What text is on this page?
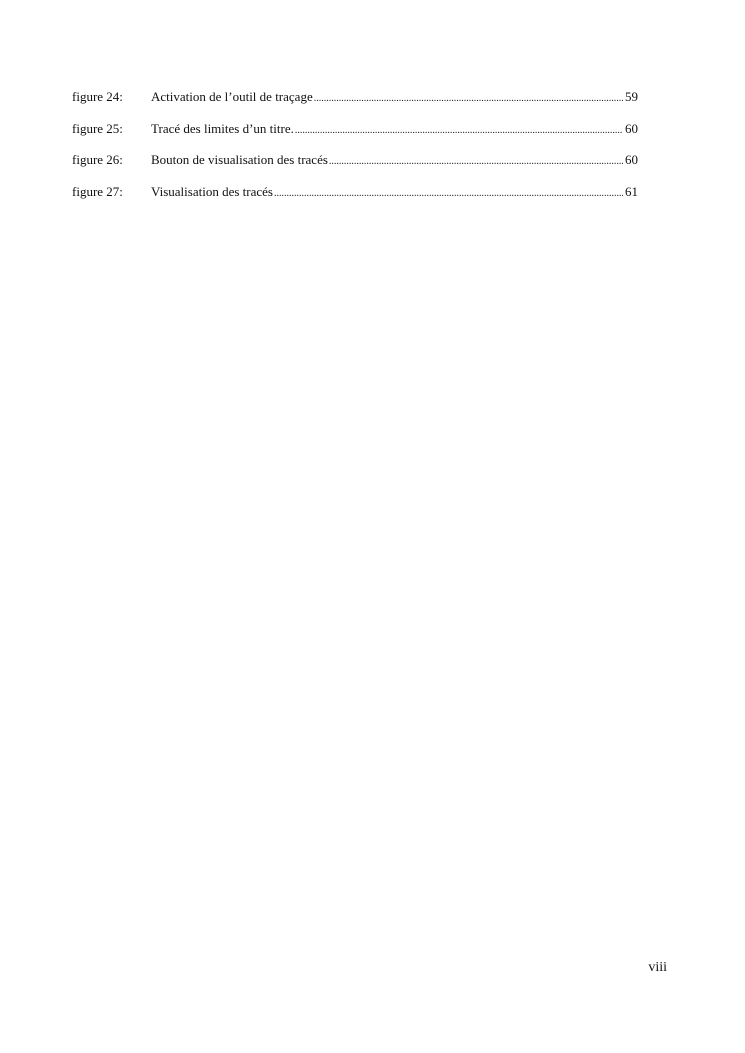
figure 24:	Activation de l’outil de traçage .....	59
figure 25:	Tracé des limites d’un titre. .....	60
figure 26:	Bouton de visualisation des tracés .....	60
figure 27:	Visualisation des tracés .....	61
viii
